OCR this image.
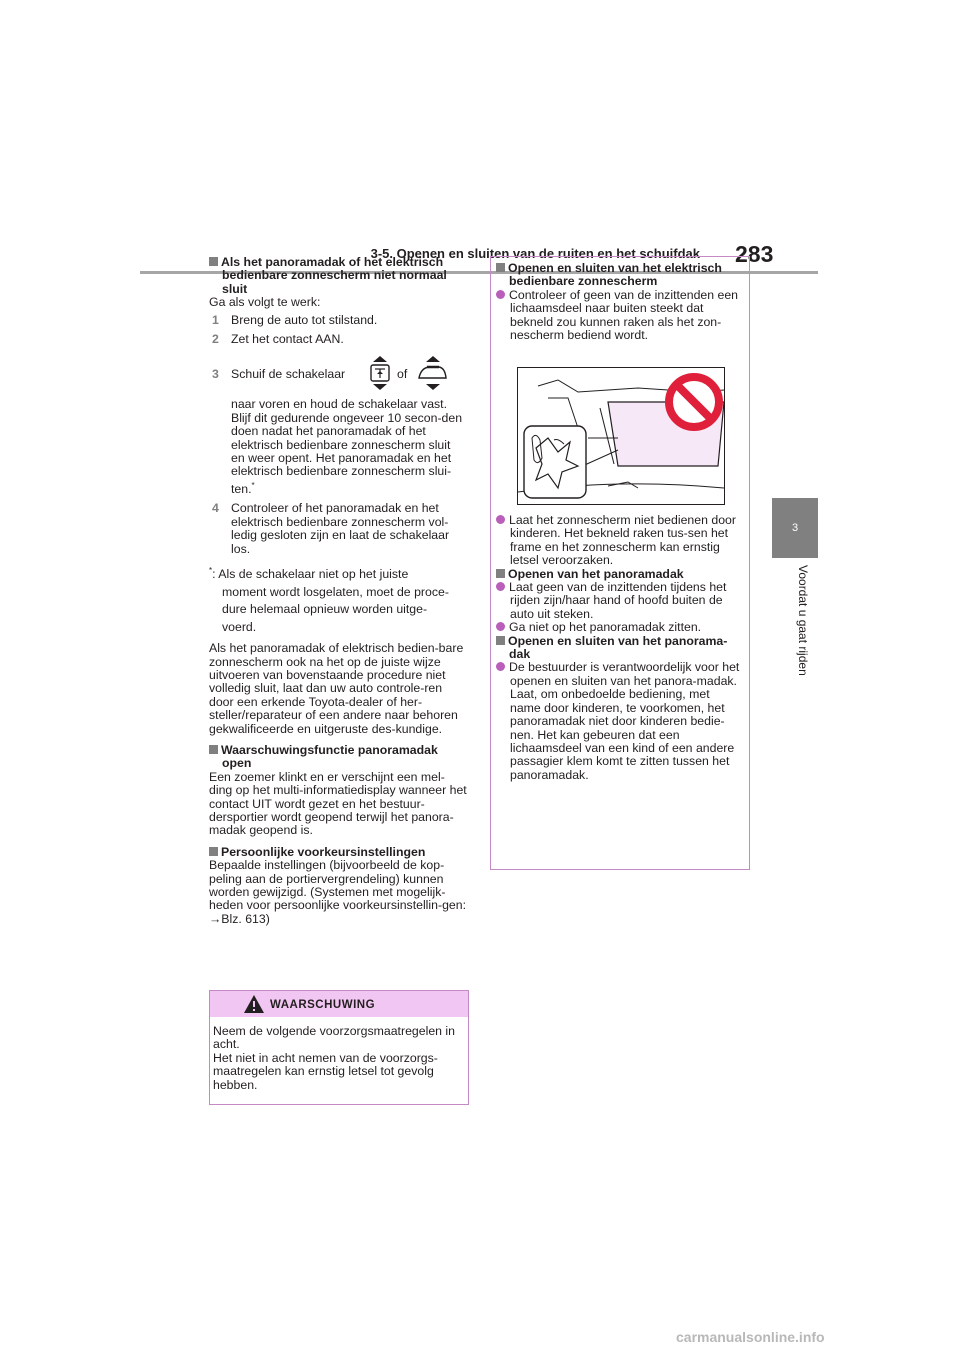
3-5. Openen en sluiten van de ruiten en het schuifdak 283
3
Voordat u gaat rijden

Als het panoramadak of het elektrisch bedienbare zonnescherm niet normaal sluit

Ga als volgt te werk:

1 Breng de auto tot stilstand.
2 Zet het contact AAN.
3 Schuif de schakelaar	of
naar voren en houd de schakelaar vast. Blijf dit gedurende ongeveer 10 secon-den doen nadat het panoramadak of het elektrisch bedienbare zonnescherm sluit en weer opent. Het panoramadak en het elektrisch bedienbare zonnescherm slui-ten.*
4 Controleer of het panoramadak en het elektrisch bedienbare zonnescherm vol-ledig gesloten zijn en laat de schakelaar los.
*: Als de schakelaar niet op het juiste
moment wordt losgelaten, moet de proce-
dure helemaal opnieuw worden uitge-
voerd.

Als het panoramadak of elektrisch bedien-bare zonnescherm ook na het op de juiste wijze uitvoeren van bovenstaande procedure niet volledig sluit, laat dan uw auto controle-ren door een erkende Toyota-dealer of her-steller/reparateur of een andere naar behoren gekwalificeerde en uitgeruste des-kundige.

Waarschuwingsfunctie panoramadak open

Een zoemer klinkt en er verschijnt een mel-ding op het multi-informatiedisplay wanneer het contact UIT wordt gezet en het bestuur-dersportier wordt geopend terwijl het panora-madak geopend is.

Persoonlijke voorkeursinstellingen

Bepaalde instellingen (bijvoorbeeld de kop-peling aan de portiervergrendeling) kunnen worden gewijzigd. (Systemen met mogelijk-heden voor persoonlijke voorkeursinstellin-gen: →Blz. 613)

WAARSCHUWING
Neem de volgende voorzorgsmaatregelen in acht.
Het niet in acht nemen van de voorzorgs-maatregelen kan ernstig letsel tot gevolg hebben.

Openen en sluiten van het elektrisch bedienbare zonnescherm

Controleer of geen van de inzittenden een lichaamsdeel naar buiten steekt dat bekneld zou kunnen raken als het zon-nescherm bediend wordt.

Laat het zonnescherm niet bedienen door kinderen. Het bekneld raken tus-sen het frame en het zonnescherm kan ernstig letsel veroorzaken.

Openen van het panoramadak

Laat geen van de inzittenden tijdens het rijden zijn/haar hand of hoofd buiten de auto uit steken.

Ga niet op het panoramadak zitten.

Openen en sluiten van het panorama-dak

De bestuurder is verantwoordelijk voor het openen en sluiten van het panora-madak.
Laat, om onbedoelde bediening, met name door kinderen, te voorkomen, het panoramadak niet door kinderen bedie-nen. Het kan gebeuren dat een lichaamsdeel van een kind of een andere passagier klem komt te zitten tussen het panoramadak.

carmanualsonline.info
